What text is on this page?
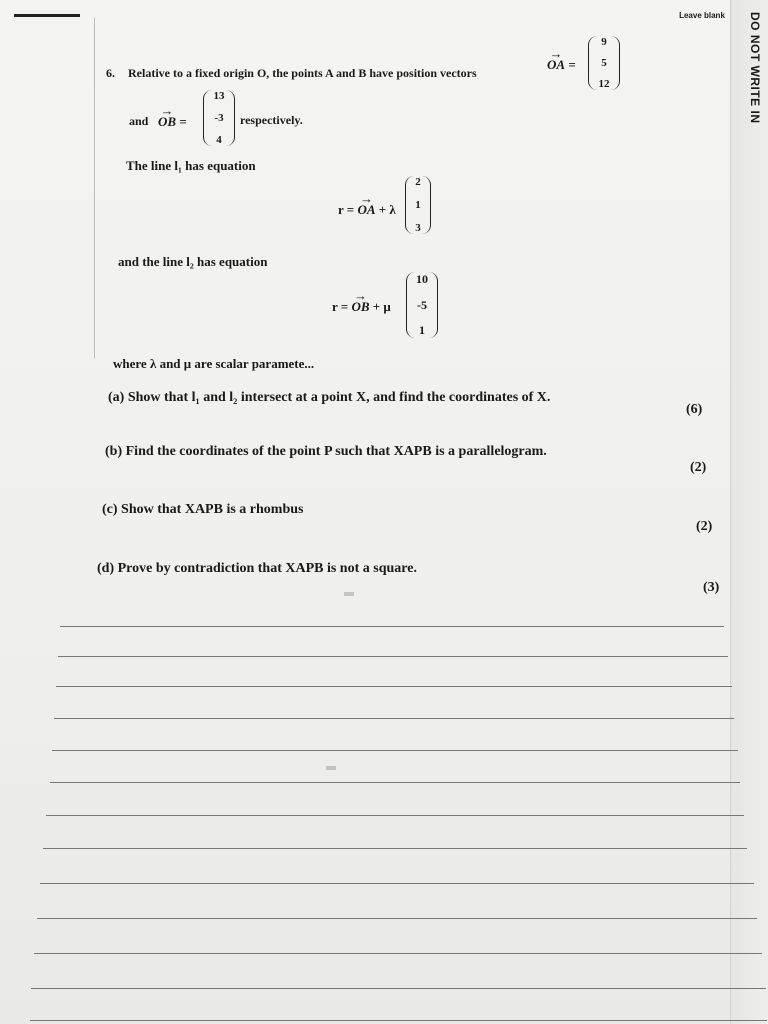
Leave blank DO NOT WRITE IN
6. Relative to a fixed origin O, the points A and B have position vectors
→ OA =
9
5
12
and → OB =
13
-3
4
respectively.
The line l₁ has equation
r = → OA + λ
2
1
3
and the line l₂ has equation
r = → OB + μ
10
-5
1
where λ and μ are scalar paramete...
(a) Show that l₁ and l₂ intersect at a point X, and find the coordinates of X.
(6)
(b) Find the coordinates of the point P such that XAPB is a parallelogram.
(2)
(c) Show that XAPB is a rhombus
(2)
(d) Prove by contradiction that XAPB is not a square.
(3)
